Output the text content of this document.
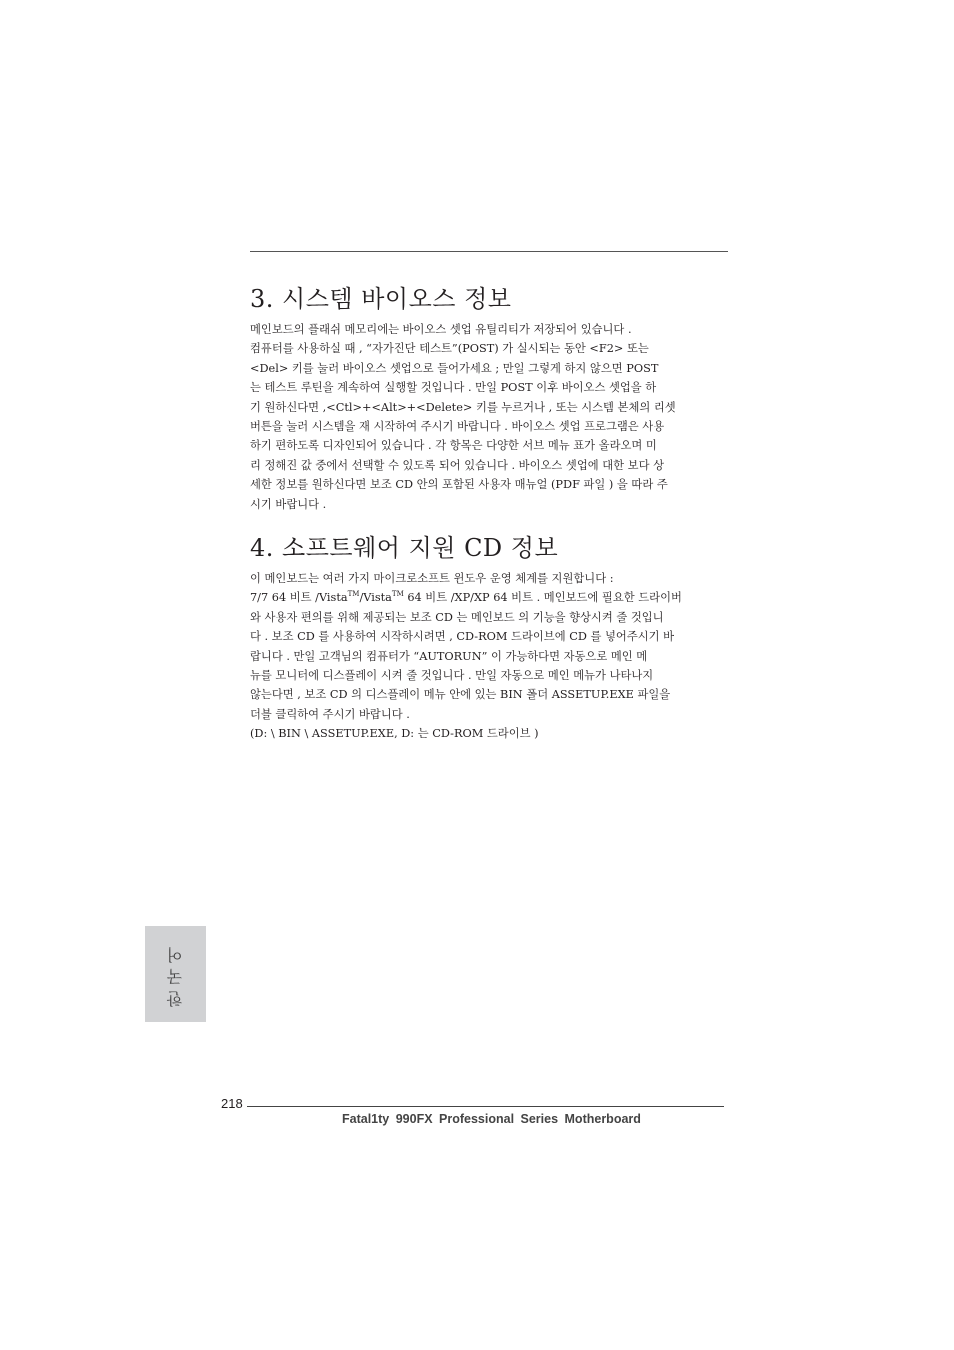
3. 시스템 바이오스 정보

메인보드의 플래쉬 메모리에는 바이오스 셋업 유틸리티가 저장되어 있습니다 .
컴퓨터를 사용하실 때 , “자가진단 테스트”(POST) 가 실시되는 동안 <F2> 또는
<Del> 키를 눌러 바이오스 셋업으로 들어가세요 ; 만일 그렇게 하지 않으면 POST
는 테스트 루틴을 계속하여 실행할 것입니다 . 만일 POST 이후 바이오스 셋업을 하
기 원하신다면 ,<Ctl>+<Alt>+<Delete> 키를 누르거나 , 또는 시스템 본체의 리셋
버튼을 눌러 시스템을 재 시작하여 주시기 바랍니다 . 바이오스 셋업 프로그램은 사용
하기 편하도록 디자인되어 있습니다 . 각 항목은 다양한 서브 메뉴 표가 올라오며 미
리 정해진 값 중에서 선택할 수 있도록 되어 있습니다 . 바이오스 셋업에 대한 보다 상
세한 정보를 원하신다면 보조 CD 안의 포함된 사용자 매뉴얼 (PDF 파일 ) 을 따라 주
시기 바랍니다 .

4. 소프트웨어 지원 CD 정보

이 메인보드는 여러 가지 마이크로소프트 윈도우 운영 체계를 지원합니다 :
7/7 64 비트 /Vista™/Vista™ 64 비트 /XP/XP 64 비트 . 메인보드에 필요한 드라이버
와 사용자 편의를 위해 제공되는 보조 CD 는 메인보드 의 기능을 향상시켜 줄 것입니
다 . 보조 CD 를 사용하여 시작하시려면 , CD-ROM 드라이브에 CD 를 넣어주시기 바
랍니다 . 만일 고객님의 컴퓨터가 “AUTORUN” 이 가능하다면 자동으로 메인 메
뉴를 모니터에 디스플레이 시켜 줄 것입니다 . 만일 자동으로 메인 메뉴가 나타나지
않는다면 , 보조 CD 의 디스플레이 메뉴 안에 있는 BIN 폴더 ASSETUP.EXE 파일을
더블 클릭하여 주시기 바랍니다 .
(D: \ BIN \ ASSETUP.EXE, D: 는 CD-ROM 드라이브 )

한국어
218
Fatal1ty 990FX Professional Series Motherboard
